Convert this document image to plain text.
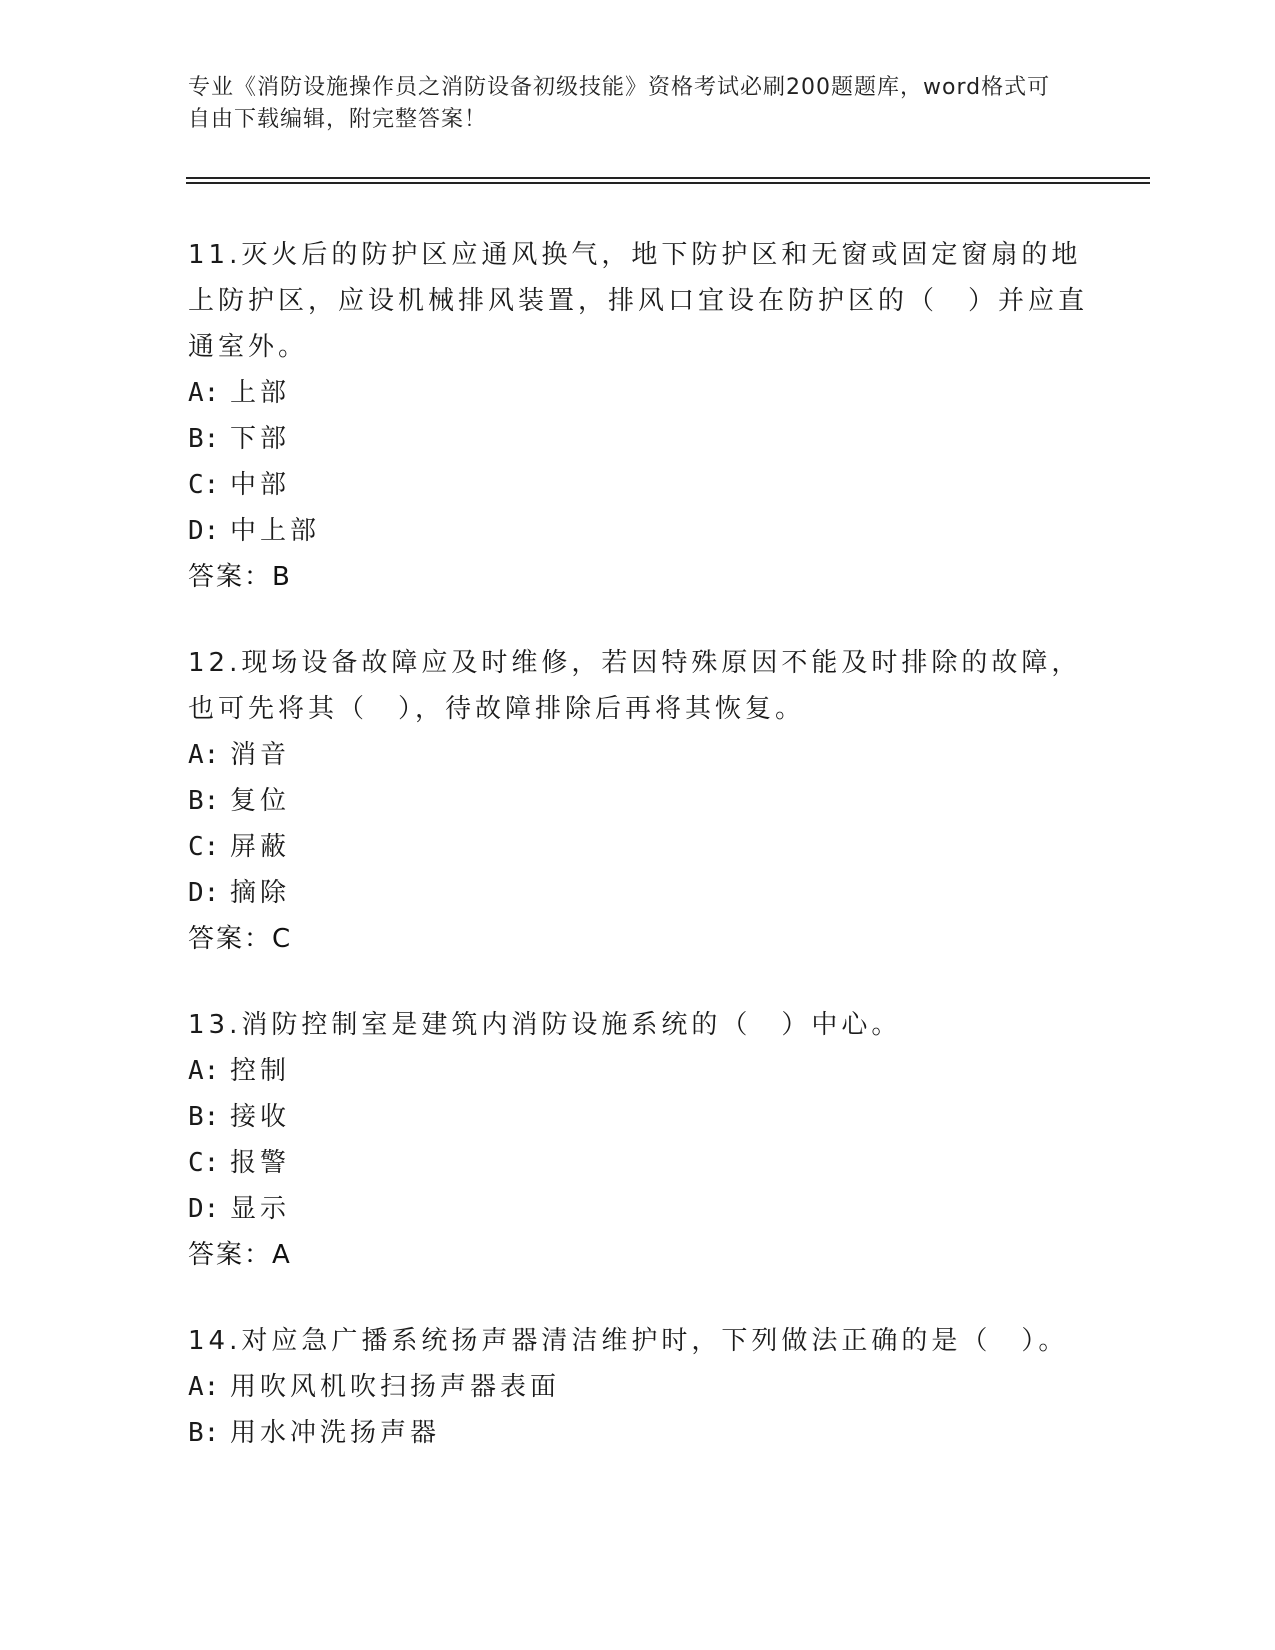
专业《消防设施操作员之消防设备初级技能》资格考试必刷200题题库，word格式可自由下载编辑，附完整答案！

11.灭火后的防护区应通风换气，地下防护区和无窗或固定窗扇的地上防护区，应设机械排风装置，排风口宜设在防护区的（　）并应直通室外。

A: 上部

B: 下部

C: 中部

D: 中上部

答案：B

12.现场设备故障应及时维修，若因特殊原因不能及时排除的故障，也可先将其（　），待故障排除后再将其恢复。

A: 消音

B: 复位

C: 屏蔽

D: 摘除

答案：C

13.消防控制室是建筑内消防设施系统的（　）中心。

A: 控制

B: 接收

C: 报警

D: 显示

答案：A

14.对应急广播系统扬声器清洁维护时，下列做法正确的是（　）。

A: 用吹风机吹扫扬声器表面

B: 用水冲洗扬声器
